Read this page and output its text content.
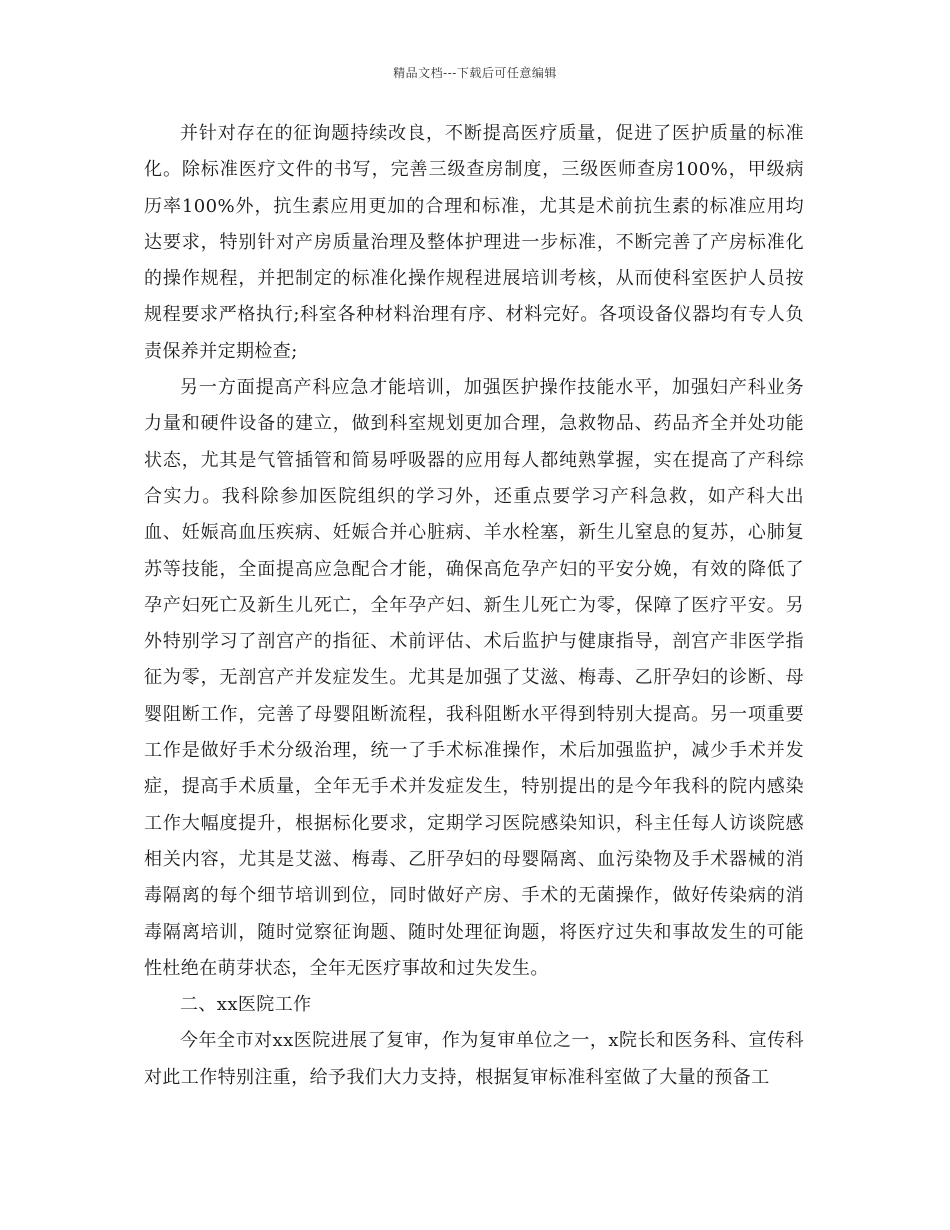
精品文档---下载后可任意编辑

并针对存在的征询题持续改良，不断提高医疗质量，促进了医护质量的标准化。除标准医疗文件的书写，完善三级查房制度，三级医师查房100%，甲级病历率100%外，抗生素应用更加的合理和标准，尤其是术前抗生素的标准应用均达要求，特别针对产房质量治理及整体护理进一步标准，不断完善了产房标准化的操作规程，并把制定的标准化操作规程进展培训考核，从而使科室医护人员按规程要求严格执行;科室各种材料治理有序、材料完好。各项设备仪器均有专人负责保养并定期检查;

另一方面提高产科应急才能培训，加强医护操作技能水平，加强妇产科业务力量和硬件设备的建立，做到科室规划更加合理，急救物品、药品齐全并处功能状态，尤其是气管插管和简易呼吸器的应用每人都纯熟掌握，实在提高了产科综合实力。我科除参加医院组织的学习外，还重点要学习产科急救，如产科大出血、妊娠高血压疾病、妊娠合并心脏病、羊水栓塞，新生儿窒息的复苏，心肺复苏等技能，全面提高应急配合才能，确保高危孕产妇的平安分娩，有效的降低了孕产妇死亡及新生儿死亡，全年孕产妇、新生儿死亡为零，保障了医疗平安。另外特别学习了剖宫产的指征、术前评估、术后监护与健康指导，剖宫产非医学指征为零，无剖宫产并发症发生。尤其是加强了艾滋、梅毒、乙肝孕妇的诊断、母婴阻断工作，完善了母婴阻断流程，我科阻断水平得到特别大提高。另一项重要工作是做好手术分级治理，统一了手术标准操作，术后加强监护，减少手术并发症，提高手术质量，全年无手术并发症发生，特别提出的是今年我科的院内感染工作大幅度提升，根据标化要求，定期学习医院感染知识，科主任每人访谈院感相关内容，尤其是艾滋、梅毒、乙肝孕妇的母婴隔离、血污染物及手术器械的消毒隔离的每个细节培训到位，同时做好产房、手术的无菌操作，做好传染病的消毒隔离培训，随时觉察征询题、随时处理征询题，将医疗过失和事故发生的可能性杜绝在萌芽状态，全年无医疗事故和过失发生。

二、xx医院工作

今年全市对xx医院进展了复审，作为复审单位之一，x院长和医务科、宣传科对此工作特别注重，给予我们大力支持，根据复审标准科室做了大量的预备工
